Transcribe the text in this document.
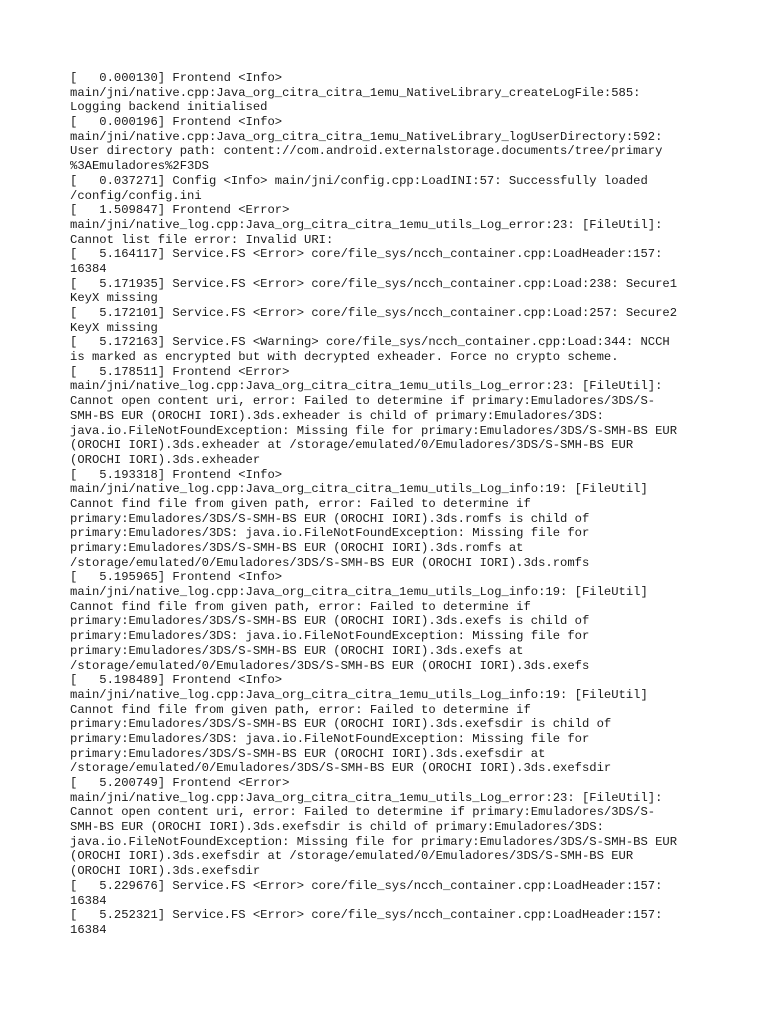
[   0.000130] Frontend <Info>
main/jni/native.cpp:Java_org_citra_citra_1emu_NativeLibrary_createLogFile:585:
Logging backend initialised
[   0.000196] Frontend <Info>
main/jni/native.cpp:Java_org_citra_citra_1emu_NativeLibrary_logUserDirectory:592:
User directory path: content://com.android.externalstorage.documents/tree/primary
%3AEmuladores%2F3DS
[   0.037271] Config <Info> main/jni/config.cpp:LoadINI:57: Successfully loaded
/config/config.ini
[   1.509847] Frontend <Error>
main/jni/native_log.cpp:Java_org_citra_citra_1emu_utils_Log_error:23: [FileUtil]:
Cannot list file error: Invalid URI:
[   5.164117] Service.FS <Error> core/file_sys/ncch_container.cpp:LoadHeader:157:
16384
[   5.171935] Service.FS <Error> core/file_sys/ncch_container.cpp:Load:238: Secure1
KeyX missing
[   5.172101] Service.FS <Error> core/file_sys/ncch_container.cpp:Load:257: Secure2
KeyX missing
[   5.172163] Service.FS <Warning> core/file_sys/ncch_container.cpp:Load:344: NCCH
is marked as encrypted but with decrypted exheader. Force no crypto scheme.
[   5.178511] Frontend <Error>
main/jni/native_log.cpp:Java_org_citra_citra_1emu_utils_Log_error:23: [FileUtil]:
Cannot open content uri, error: Failed to determine if primary:Emuladores/3DS/S-
SMH-BS EUR (OROCHI IORI).3ds.exheader is child of primary:Emuladores/3DS:
java.io.FileNotFoundException: Missing file for primary:Emuladores/3DS/S-SMH-BS EUR
(OROCHI IORI).3ds.exheader at /storage/emulated/0/Emuladores/3DS/S-SMH-BS EUR
(OROCHI IORI).3ds.exheader
[   5.193318] Frontend <Info>
main/jni/native_log.cpp:Java_org_citra_citra_1emu_utils_Log_info:19: [FileUtil]
Cannot find file from given path, error: Failed to determine if
primary:Emuladores/3DS/S-SMH-BS EUR (OROCHI IORI).3ds.romfs is child of
primary:Emuladores/3DS: java.io.FileNotFoundException: Missing file for
primary:Emuladores/3DS/S-SMH-BS EUR (OROCHI IORI).3ds.romfs at
/storage/emulated/0/Emuladores/3DS/S-SMH-BS EUR (OROCHI IORI).3ds.romfs
[   5.195965] Frontend <Info>
main/jni/native_log.cpp:Java_org_citra_citra_1emu_utils_Log_info:19: [FileUtil]
Cannot find file from given path, error: Failed to determine if
primary:Emuladores/3DS/S-SMH-BS EUR (OROCHI IORI).3ds.exefs is child of
primary:Emuladores/3DS: java.io.FileNotFoundException: Missing file for
primary:Emuladores/3DS/S-SMH-BS EUR (OROCHI IORI).3ds.exefs at
/storage/emulated/0/Emuladores/3DS/S-SMH-BS EUR (OROCHI IORI).3ds.exefs
[   5.198489] Frontend <Info>
main/jni/native_log.cpp:Java_org_citra_citra_1emu_utils_Log_info:19: [FileUtil]
Cannot find file from given path, error: Failed to determine if
primary:Emuladores/3DS/S-SMH-BS EUR (OROCHI IORI).3ds.exefsdir is child of
primary:Emuladores/3DS: java.io.FileNotFoundException: Missing file for
primary:Emuladores/3DS/S-SMH-BS EUR (OROCHI IORI).3ds.exefsdir at
/storage/emulated/0/Emuladores/3DS/S-SMH-BS EUR (OROCHI IORI).3ds.exefsdir
[   5.200749] Frontend <Error>
main/jni/native_log.cpp:Java_org_citra_citra_1emu_utils_Log_error:23: [FileUtil]:
Cannot open content uri, error: Failed to determine if primary:Emuladores/3DS/S-
SMH-BS EUR (OROCHI IORI).3ds.exefsdir is child of primary:Emuladores/3DS:
java.io.FileNotFoundException: Missing file for primary:Emuladores/3DS/S-SMH-BS EUR
(OROCHI IORI).3ds.exefsdir at /storage/emulated/0/Emuladores/3DS/S-SMH-BS EUR
(OROCHI IORI).3ds.exefsdir
[   5.229676] Service.FS <Error> core/file_sys/ncch_container.cpp:LoadHeader:157:
16384
[   5.252321] Service.FS <Error> core/file_sys/ncch_container.cpp:LoadHeader:157:
16384
